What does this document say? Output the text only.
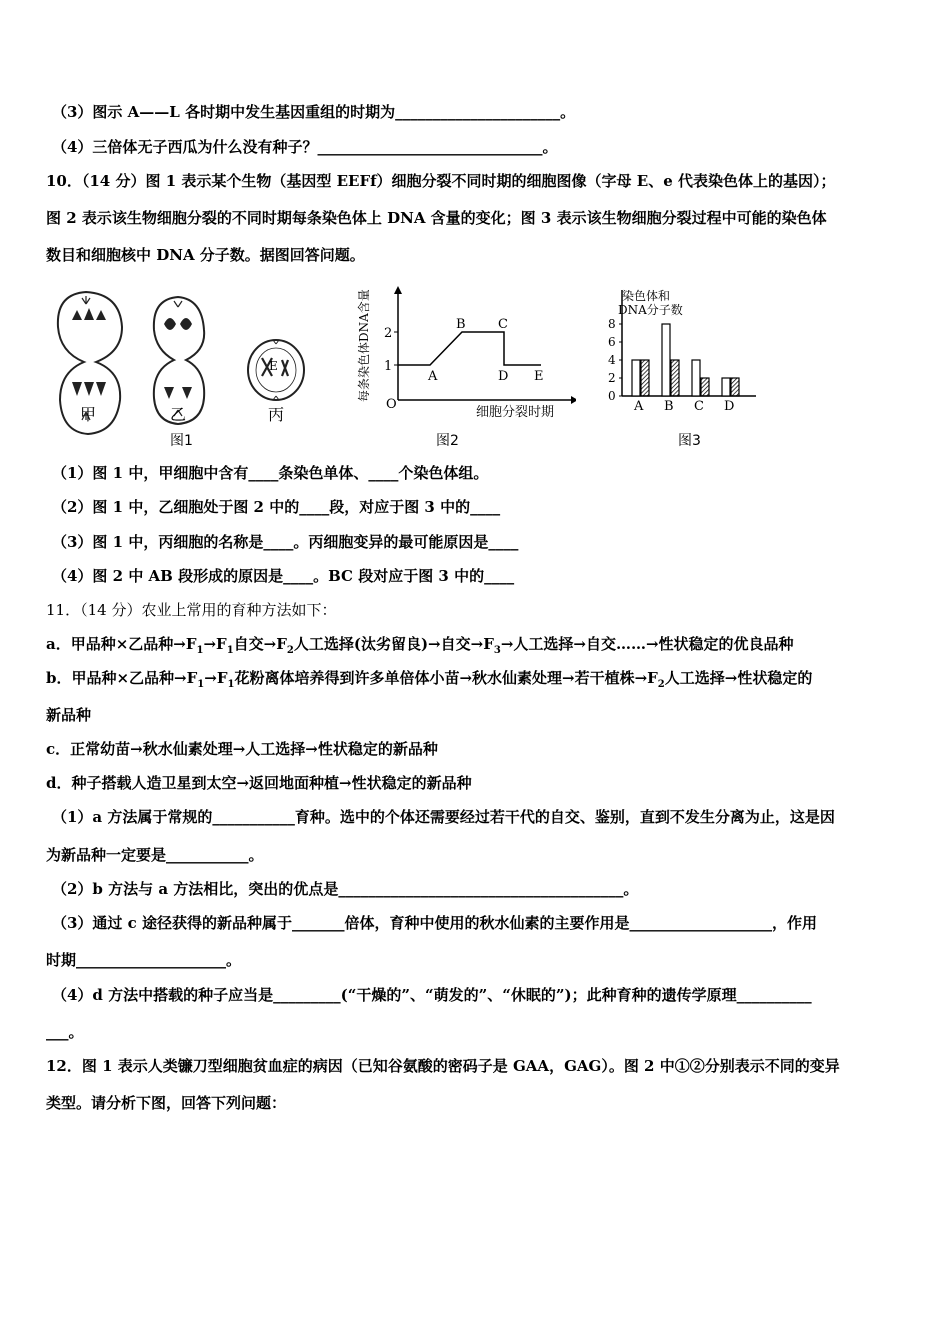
（3）图示 A——L 各时期中发生基因重组的时期为______________________。
（4）三倍体无子西瓜为什么没有种子？______________________________。
10．（14 分）图 1 表示某个生物（基因型 EEFf）细胞分裂不同时期的细胞图像（字母 E、e 代表染色体上的基因）；
图 2 表示该生物细胞分裂的不同时期每条染色体上 DNA 含量的变化；图 3 表示该生物细胞分裂过程中可能的染色体
数目和细胞核中 DNA 分子数。据图回答问题。
E
甲	乙	丙
图1
1
2
O
A
B C
D E
细胞分裂时期
每条染色体DNA含量
图2
染色体和
DNA分子数
0
2
4
6
8
A B C D
图3
（1）图 1 中，甲细胞中含有____条染色单体、____个染色体组。
（2）图 1 中，乙细胞处于图 2 中的____段，对应于图 3 中的____
（3）图 1 中，丙细胞的名称是____。丙细胞变异的最可能原因是____
（4）图 2 中 AB 段形成的原因是____。BC 段对应于图 3 中的____
11．（14 分）农业上常用的育种方法如下：
a．甲品种×乙品种$\to F_1\to F_1$自交$\to F_2$人工选择(汰劣留良)→自交$\to F_3\to$人工选择→自交……→性状稳定的优良品种
b．甲品种×乙品种$\to F_1\to F_1$花粉离体培养得到许多单倍体小苗→秋水仙素处理→若干植株$\to F_2$人工选择→性状稳定的
新品种
c．正常幼苗→秋水仙素处理→人工选择→性状稳定的新品种
d．种子搭载人造卫星到太空→返回地面种植→性状稳定的新品种
（1）a 方法属于常规的___________育种。选中的个体还需要经过若干代的自交、鉴别，直到不发生分离为止，这是因
为新品种一定要是___________。
（2）b 方法与 a 方法相比，突出的优点是______________________________________。
（3）通过 c 途径获得的新品种属于_______倍体，育种中使用的秋水仙素的主要作用是___________________，作用
时期____________________。
（4）d 方法中搭载的种子应当是_________(“干燥的”、“萌发的”、“休眠的”)；此种育种的遗传学原理__________
___。
12．图 1 表示人类镰刀型细胞贫血症的病因（已知谷氨酸的密码子是 GAA，GAG）。图 2 中①②分别表示不同的变异
类型。请分析下图，回答下列问题：
